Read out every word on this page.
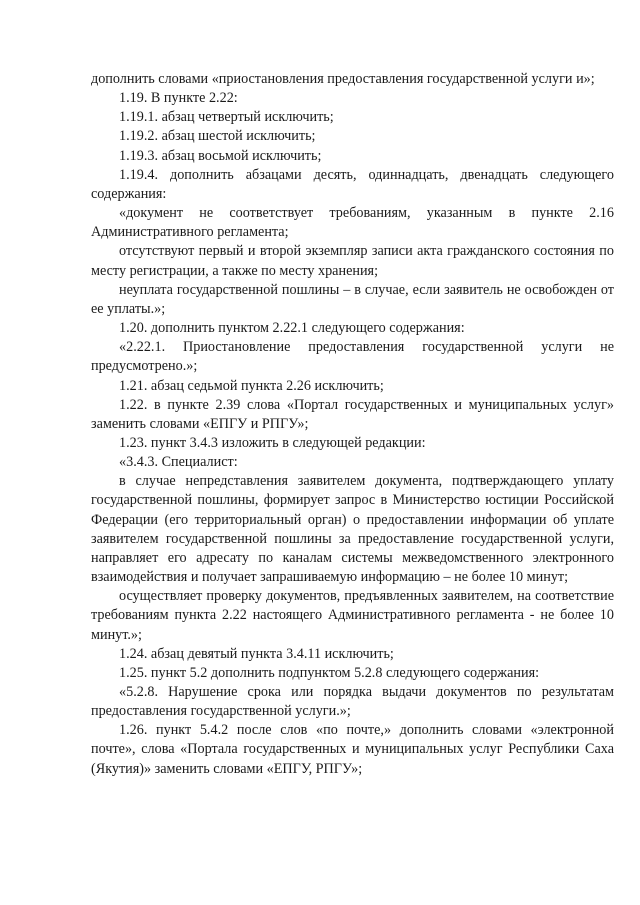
дополнить словами «приостановления предоставления государственной услуги и»;

1.19. В пункте 2.22:

1.19.1. абзац четвертый исключить;

1.19.2. абзац шестой исключить;

1.19.3. абзац восьмой исключить;

1.19.4. дополнить абзацами десять, одиннадцать, двенадцать следующего содержания:

«документ не соответствует требованиям, указанным в пункте 2.16 Административного регламента;

отсутствуют первый и второй экземпляр записи акта гражданского состояния по месту регистрации, а также по месту хранения;

неуплата государственной пошлины – в случае, если заявитель не освобожден от ее уплаты.»;

1.20. дополнить пунктом 2.22.1 следующего содержания:

«2.22.1. Приостановление предоставления государственной услуги не предусмотрено.»;

1.21. абзац седьмой пункта 2.26 исключить;

1.22. в пункте 2.39 слова «Портал государственных и муниципальных услуг» заменить словами «ЕПГУ и РПГУ»;

1.23. пункт 3.4.3 изложить в следующей редакции:

«3.4.3. Специалист:

в случае непредставления заявителем документа, подтверждающего уплату государственной пошлины, формирует запрос в Министерство юстиции Российской Федерации (его территориальный орган) о предоставлении информации об уплате заявителем государственной пошлины за предоставление государственной услуги, направляет его адресату по каналам системы межведомственного электронного взаимодействия и получает запрашиваемую информацию – не более 10 минут;

осуществляет проверку документов, предъявленных заявителем, на соответствие требованиям пункта 2.22 настоящего Административного регламента - не более 10 минут.»;

1.24. абзац девятый пункта 3.4.11 исключить;

1.25. пункт 5.2 дополнить подпунктом 5.2.8 следующего содержания:

«5.2.8. Нарушение срока или порядка выдачи документов по результатам предоставления государственной услуги.»;

1.26. пункт 5.4.2 после слов «по почте,» дополнить словами «электронной почте», слова «Портала государственных и муниципальных услуг Республики Саха (Якутия)» заменить словами «ЕПГУ, РПГУ»;
